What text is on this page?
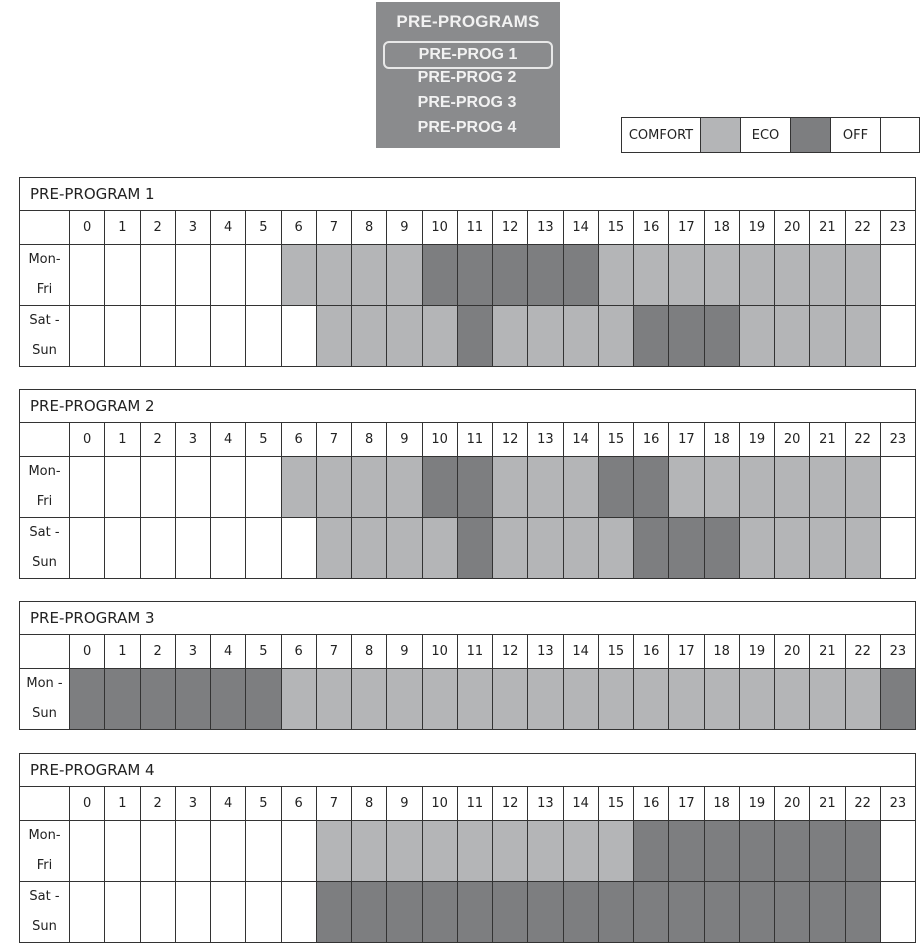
PRE-PROGRAMS
PRE-PROG 1
PRE-PROG 2
PRE-PROG 3
PRE-PROG 4	COMFORT	ECO	OFF
PRE-PROGRAM 1
	0	1	2	3	4	5	6	7	8	9	10	11	12	13	14	15	16	17	18	19	20	21	22	23

Mon-
Fri																								

Sat -
Sun																								

PRE-PROGRAM 2
	0	1	2	3	4	5	6	7	8	9	10	11	12	13	14	15	16	17	18	19	20	21	22	23

Mon-
Fri																								

Sat -
Sun																								

PRE-PROGRAM 3
	0	1	2	3	4	5	6	7	8	9	10	11	12	13	14	15	16	17	18	19	20	21	22	23

Mon -
Sun																								

PRE-PROGRAM 4
	0	1	2	3	4	5	6	7	8	9	10	11	12	13	14	15	16	17	18	19	20	21	22	23

Mon-
Fri																								

Sat -
Sun																								
